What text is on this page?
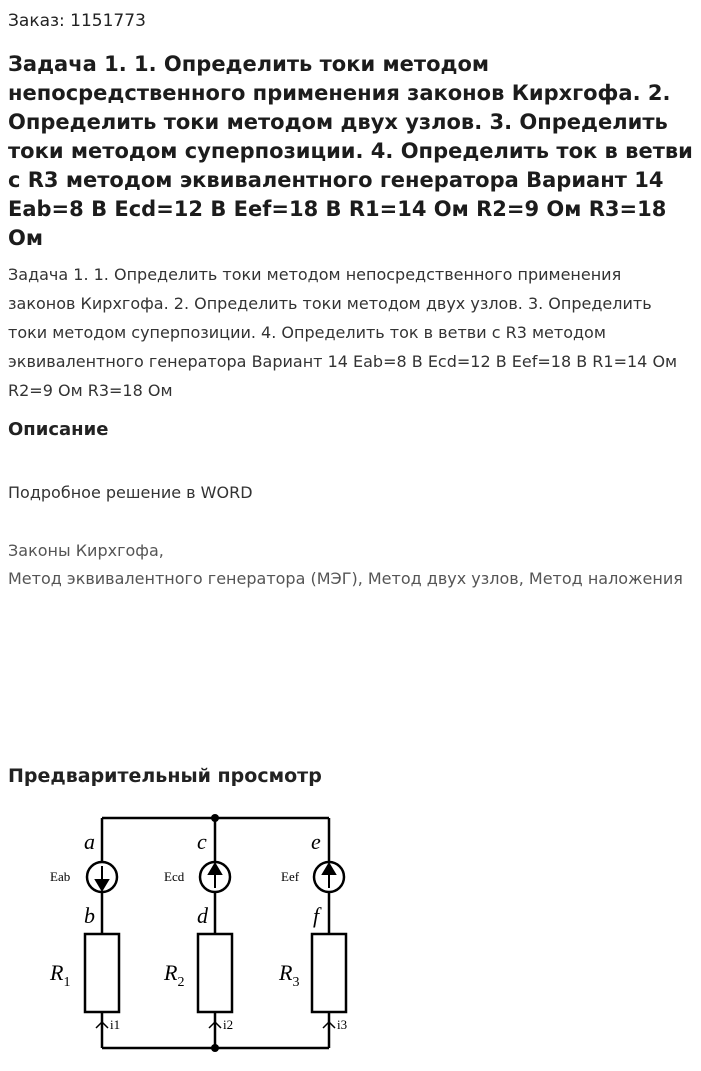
Заказ: 1151773
Задача 1. 1. Определить токи методом непосредственного применения законов Кирхгофа. 2. Определить токи методом двух узлов. 3. Определить токи методом суперпозиции. 4. Определить ток в ветви с R3 методом эквивалентного генератора Вариант 14 Eab=8 В Ecd=12 В Eef=18 В R1=14 Ом R2=9 Ом R3=18 Ом

Задача 1. 1. Определить токи методом непосредственного применения законов Кирхгофа. 2. Определить токи методом двух узлов. 3. Определить токи методом суперпозиции. 4. Определить ток в ветви с R3 методом эквивалентного генератора Вариант 14 Eab=8 В Ecd=12 В Eef=18 В R1=14 Ом R2=9 Ом R3=18 Ом

Описание

Подробное решение в WORD

Законы Кирхгофа,
Метод эквивалентного генератора (МЭГ), Метод двух узлов, Метод наложения

Предварительный просмотр
a
b
c
d
e
f
Eab	Ecd	Eef
$R_1$	$R_2$	$R_3$
i1	i2	i3
